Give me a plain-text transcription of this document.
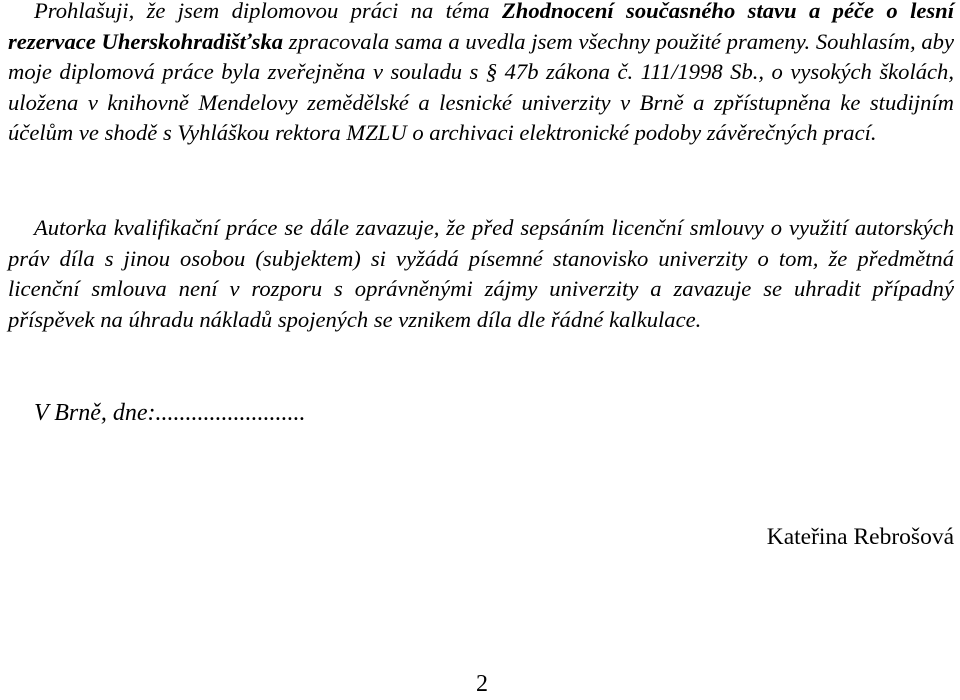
Prohlašuji, že jsem diplomovou práci na téma Zhodnocení současného stavu a péče o lesní rezervace Uherskohradišťska zpracovala sama a uvedla jsem všechny použité prameny. Souhlasím, aby moje diplomová práce byla zveřejněna v souladu s § 47b zákona č. 111/1998 Sb., o vysokých školách, uložena v knihovně Mendelovy zemědělské a lesnické univerzity v Brně a zpřístupněna ke studijním účelům ve shodě s Vyhláškou rektora MZLU o archivaci elektronické podoby závěrečných prací.

Autorka kvalifikační práce se dále zavazuje, že před sepsáním licenční smlouvy o využití autorských práv díla s jinou osobou (subjektem) si vyžádá písemné stanovisko univerzity o tom, že předmětná licenční smlouva není v rozporu s oprávněnými zájmy univerzity a zavazuje se uhradit případný příspěvek na úhradu nákladů spojených se vznikem díla dle řádné kalkulace.

V Brně, dne:.........................

Kateřina Rebrošová

2
